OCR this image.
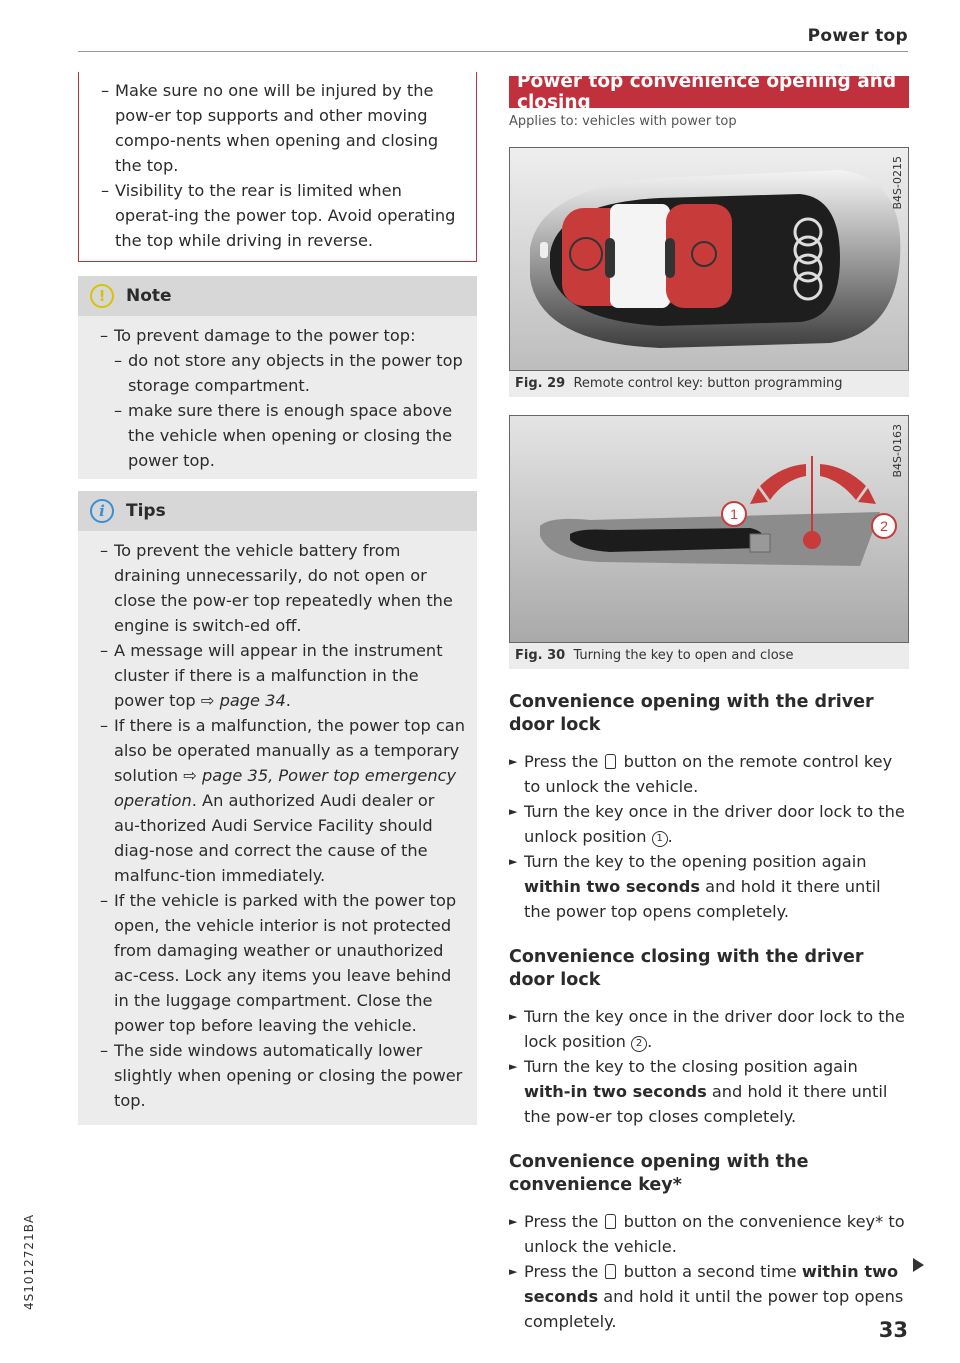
Power top
4S1012721BA
– Make sure no one will be injured by the pow-er top supports and other moving compo-nents when opening and closing the top.
– Visibility to the rear is limited when operat-ing the power top. Avoid operating the top while driving in reverse.
!	Note
– To prevent damage to the power top:
– do not store any objects in the power top storage compartment.
– make sure there is enough space above the vehicle when opening or closing the power top.
i	Tips
– To prevent the vehicle battery from draining unnecessarily, do not open or close the pow-er top repeatedly when the engine is switch-ed off.
– A message will appear in the instrument cluster if there is a malfunction in the power top ⇨ page 34.
– If there is a malfunction, the power top can also be operated manually as a temporary solution ⇨ page 35, Power top emergency operation. An authorized Audi dealer or au-thorized Audi Service Facility should diag-nose and correct the cause of the malfunc-tion immediately.
– If the vehicle is parked with the power top open, the vehicle interior is not protected from damaging weather or unauthorized ac-cess. Lock any items you leave behind in the luggage compartment. Close the power top before leaving the vehicle.
– The side windows automatically lower slightly when opening or closing the power top.
Power top convenience opening and closing
Applies to: vehicles with power top
B4S-0215
Fig. 29 Remote control key: button programming
1
2
B4S-0163
Fig. 30 Turning the key to open and close
Convenience opening with the driver door lock
► Press the button on the remote control key to unlock the vehicle.
► Turn the key once in the driver door lock to the unlock position 1 .
► Turn the key to the opening position again within two seconds and hold it there until the power top opens completely.
Convenience closing with the driver door lock
► Turn the key once in the driver door lock to the lock position 2 .
► Turn the key to the closing position again with-in two seconds and hold it there until the pow-er top closes completely.
Convenience opening with the convenience key*
► Press the button on the convenience key* to unlock the vehicle.
► Press the button a second time within two seconds and hold it until the power top opens completely.	33
